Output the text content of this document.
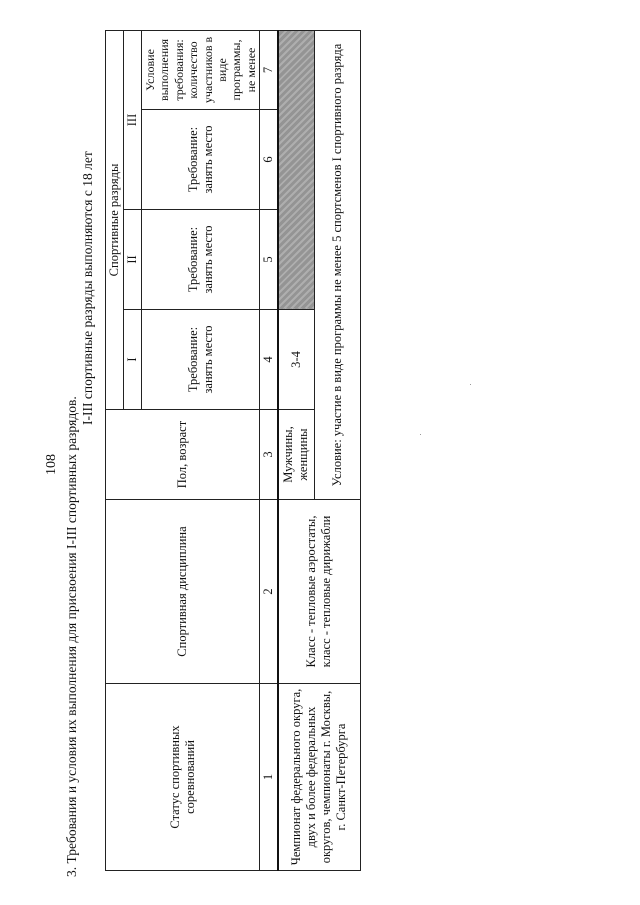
108 3. Требования и условия их выполнения для присвоения I-III спортивных разрядов.
I-III спортивные разряды выполняются с 18 лет
Статус спортивных соревнований	Спортивная дисциплина	Пол, возраст	Спортивные разряды			
			I	II	III	
			Требование: занять место	Требование: занять место	Требование: занять место	Условие выполнения требования: количество участников в виде программы, не менее
1	2	3	4	5	6	7
Чемпионат федерального округа, двух и более федеральных округов, чемпионаты г. Москвы, г. Санкт-Петербурга	Класс - тепловые аэростаты, класс - тепловые дирижабли	Мужчины, женщины	3-4			
		Условие: участие в виде программы не менее 5 спортсменов I спортивного разряда				
